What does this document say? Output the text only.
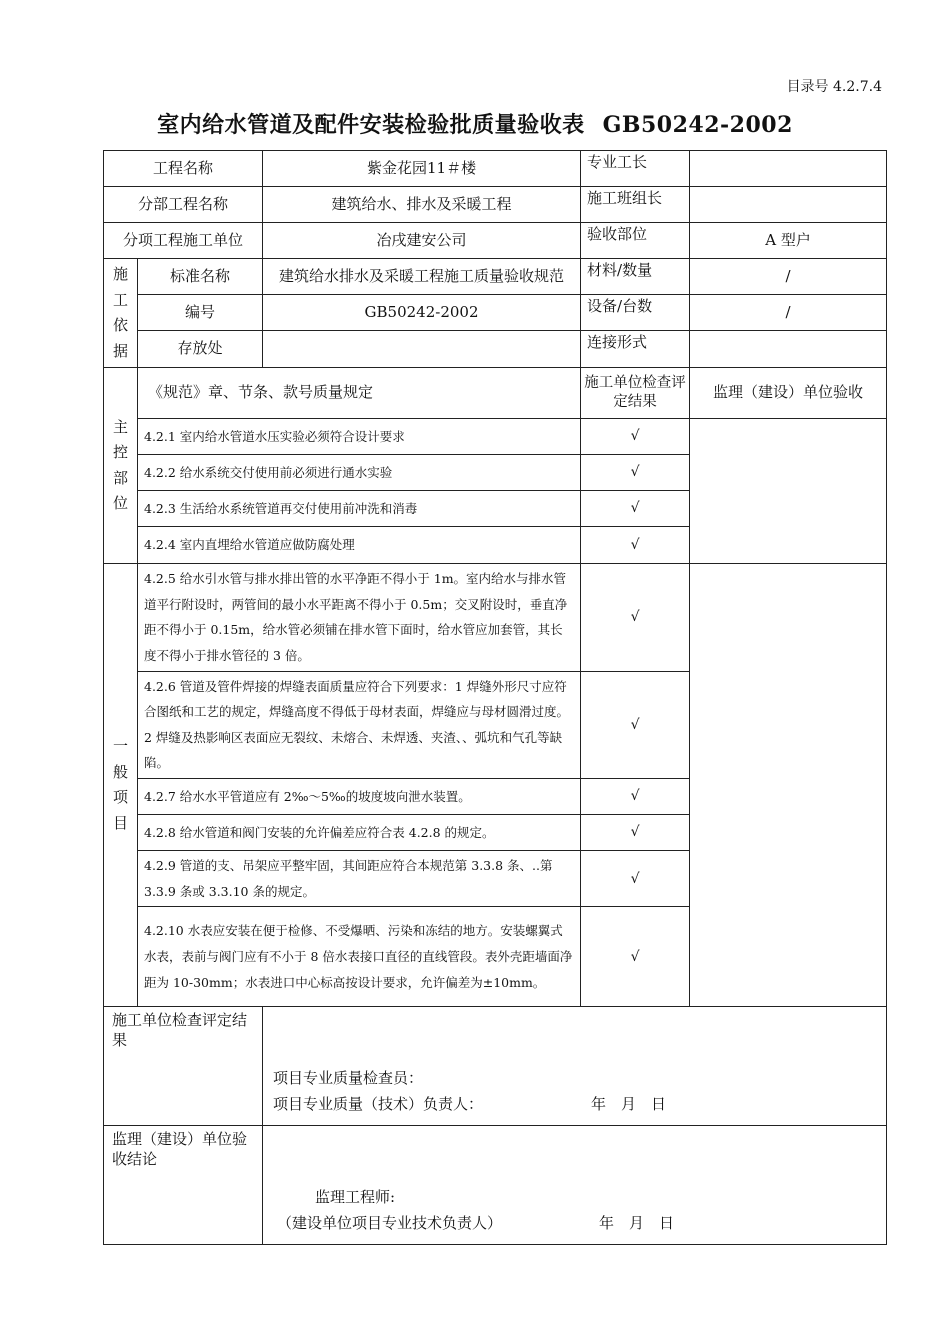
目录号 4.2.7.4
室内给水管道及配件安装检验批质量验收表 GB50242-2002
工程名称		紫金花园11＃楼	专业工长	
分部工程名称		建筑给水、排水及采暖工程	施工班组长	
分项工程施工单位		冶戌建安公司	验收部位	A 型户

施
工
依
据	标准名称	建筑给水排水及采暖工程施工质量验收规范	材料/数量	/
	编号	GB50242-2002	设备/台数	/
	存放处		连接形式	

主
控
部
位	《规范》章、节条、款号质量规定		施工单位检查评定结果	监理（建设）单位验收
	4.2.1 室内给水管道水压实验必须符合设计要求		√	
	4.2.2 给水系统交付使用前必须进行通水实验		√	
	4.2.3 生活给水系统管道再交付使用前冲洗和消毒		√	
	4.2.4 室内直埋给水管道应做防腐处理		√	

一
般
项
目	4.2.5 给水引水管与排水排出管的水平净距不得小于 1m。室内给水与排水管道平行附设时，两管间的最小水平距离不得小于 0.5m；交叉附设时，垂直净距不得小于 0.15m，给水管必须铺在排水管下面时，给水管应加套管，其长度不得小于排水管径的 3 倍。		√	
	4.2.6 管道及管件焊接的焊缝表面质量应符合下列要求：1 焊缝外形尺寸应符合图纸和工艺的规定，焊缝高度不得低于母材表面，焊缝应与母材圆滑过度。2 焊缝及热影响区表面应无裂纹、未熔合、未焊透、夹渣、、弧坑和气孔等缺陷。		√	
	4.2.7 给水水平管道应有 2‰～5‰的坡度坡向泄水装置。		√	
	4.2.8 给水管道和阀门安装的允许偏差应符合表 4.2.8 的规定。		√	
	4.2.9 管道的支、吊架应平整牢固，其间距应符合本规范第 3.3.8 条、..第 3.3.9 条或 3.3.10 条的规定。		√	
	4.2.10 水表应安装在便于检修、不受爆晒、污染和冻结的地方。安装螺翼式水表，表前与阀门应有不小于 8 倍水表接口直径的直线管段。表外壳距墙面净距为 10-30mm；水表进口中心标高按设计要求，允许偏差为±10mm。		√	
施工单位检查评定结果		项目专业质量检查员：
项目专业质量（技术）负责人： 年　月　日		

监理（建设）单位验收结论		监理工程师:
（建设单位项目专业技术负责人） 年　月　日		
